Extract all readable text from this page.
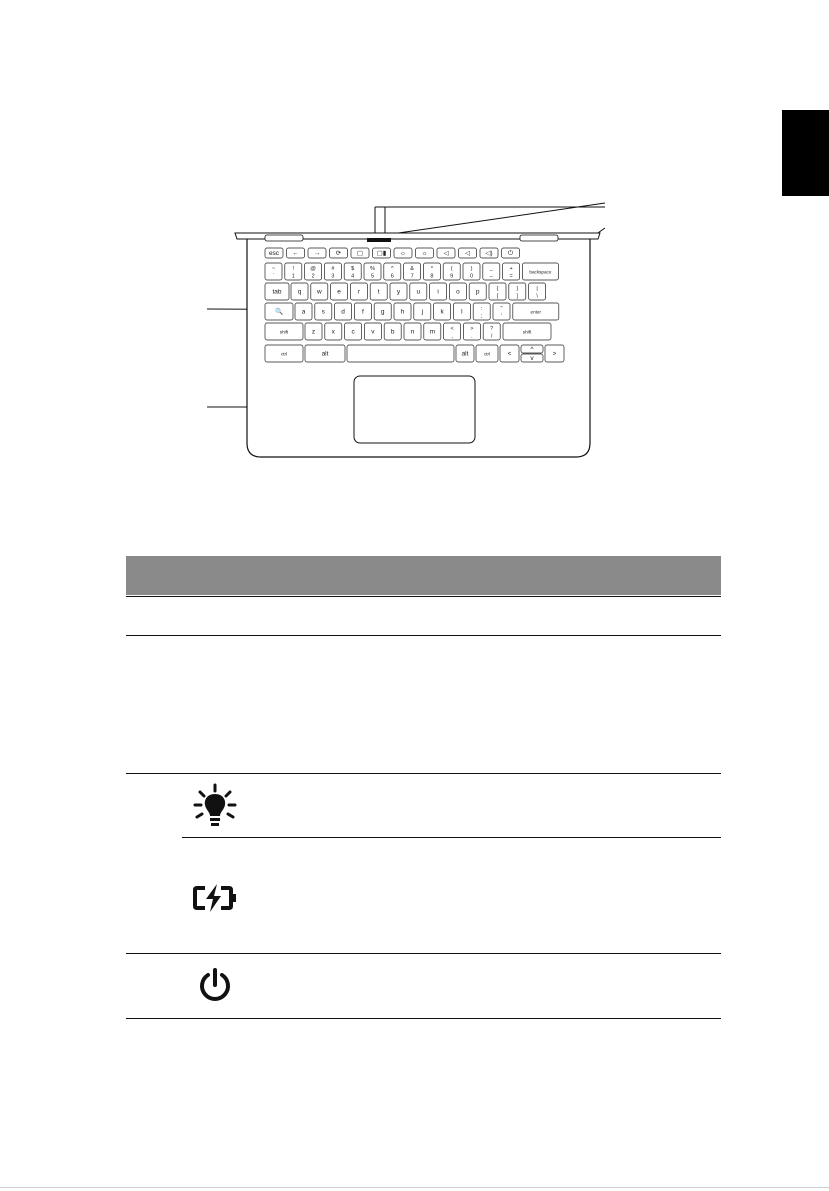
esc ← → ⟳ ▢ ▢▮ ☼ ☼ ◁	◁ ◁) ⏻
~
`
!
1
@
2
#
3
$
4
%
5
^
6
&
7
*
8
(
9
)
0
_
–
+
=
backspace
tab q w e	r	t	y	u	i	o p	{
[
}
]
|
\
🔍	a	s	d	f	g h	j	k	l	:
;
"
'
enter
shift	z	x	c	v	b n m	<
,
>
.
?
/
shift
ctrl	alt	alt	ctrl	<
^
v
>
